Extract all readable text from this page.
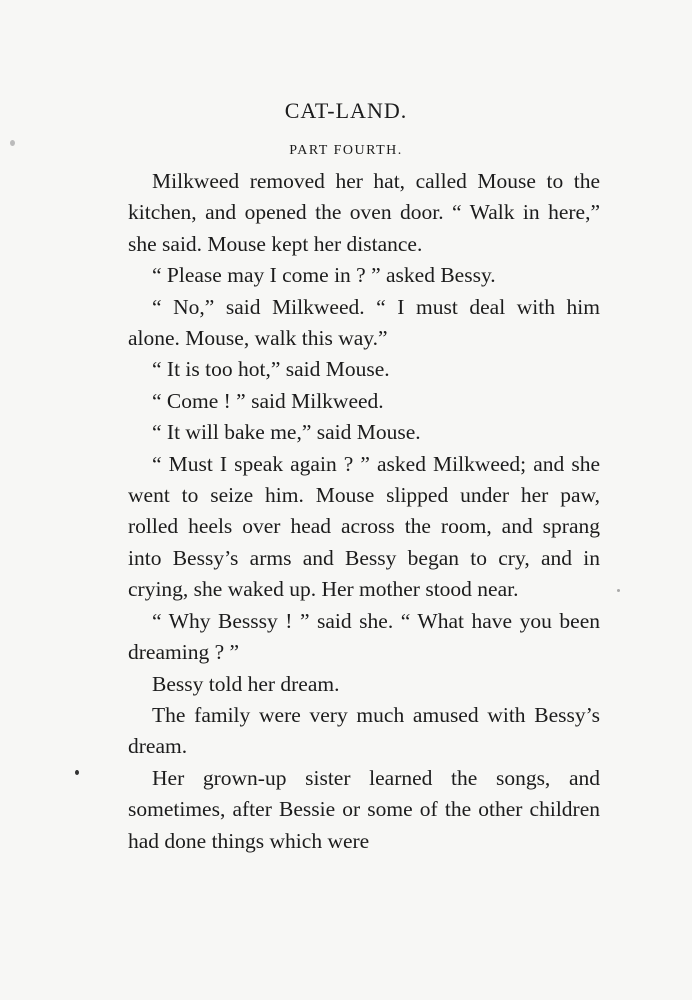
CAT-LAND.
PART FOURTH.

Milkweed removed her hat, called Mouse to the kitchen, and opened the oven door. “ Walk in here,” she said. Mouse kept her distance.

“ Please may I come in ? ” asked Bessy.

“ No,” said Milkweed. “ I must deal with him alone. Mouse, walk this way.”

“ It is too hot,” said Mouse.

“ Come ! ” said Milkweed.

“ It will bake me,” said Mouse.

“ Must I speak again ? ” asked Milkweed; and she went to seize him. Mouse slipped under her paw, rolled heels over head across the room, and sprang into Bessy’s arms and Bessy began to cry, and in crying, she waked up. Her mother stood near.

“ Why Besssy ! ” said she. “ What have you been dreaming ? ”

Bessy told her dream.

The family were very much amused with Bessy’s dream.

Her grown-up sister learned the songs, and sometimes, after Bessie or some of the other children had done things which were
